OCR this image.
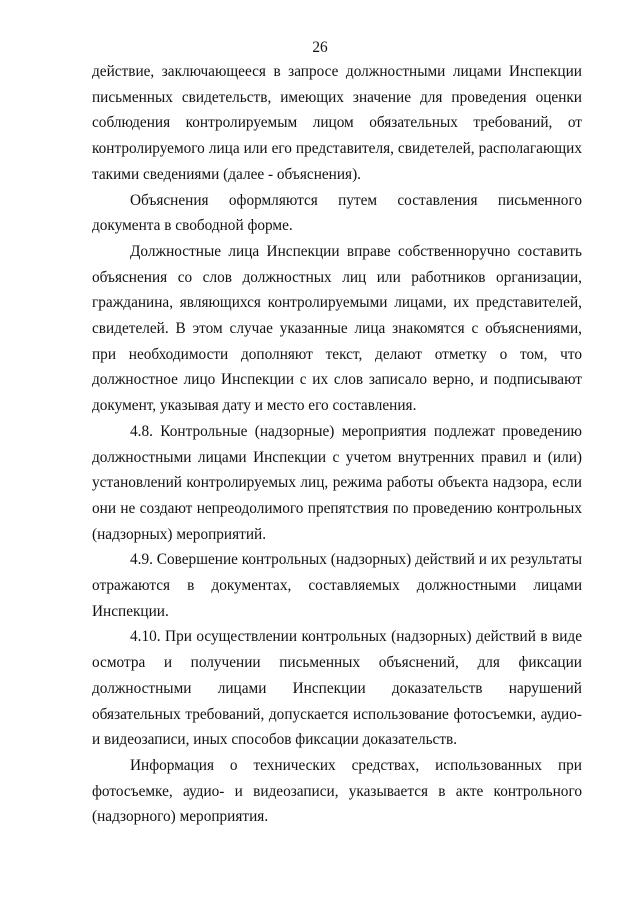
26

действие, заключающееся в запросе должностными лицами Инспекции письменных свидетельств, имеющих значение для проведения оценки соблюдения контролируемым лицом обязательных требований, от контролируемого лица или его представителя, свидетелей, располагающих такими сведениями (далее - объяснения).

Объяснения оформляются путем составления письменного документа в свободной форме.

Должностные лица Инспекции вправе собственноручно составить объяснения со слов должностных лиц или работников организации, гражданина, являющихся контролируемыми лицами, их представителей, свидетелей. В этом случае указанные лица знакомятся с объяснениями, при необходимости дополняют текст, делают отметку о том, что должностное лицо Инспекции с их слов записало верно, и подписывают документ, указывая дату и место его составления.

4.8. Контрольные (надзорные) мероприятия подлежат проведению должностными лицами Инспекции с учетом внутренних правил и (или) установлений контролируемых лиц, режима работы объекта надзора, если они не создают непреодолимого препятствия по проведению контрольных (надзорных) мероприятий.

4.9. Совершение контрольных (надзорных) действий и их результаты отражаются в документах, составляемых должностными лицами Инспекции.

4.10. При осуществлении контрольных (надзорных) действий в виде осмотра и получении письменных объяснений, для фиксации должностными лицами Инспекции доказательств нарушений обязательных требований, допускается использование фотосъемки, аудио- и видеозаписи, иных способов фиксации доказательств.

Информация о технических средствах, использованных при фотосъемке, аудио- и видеозаписи, указывается в акте контрольного (надзорного) мероприятия.
